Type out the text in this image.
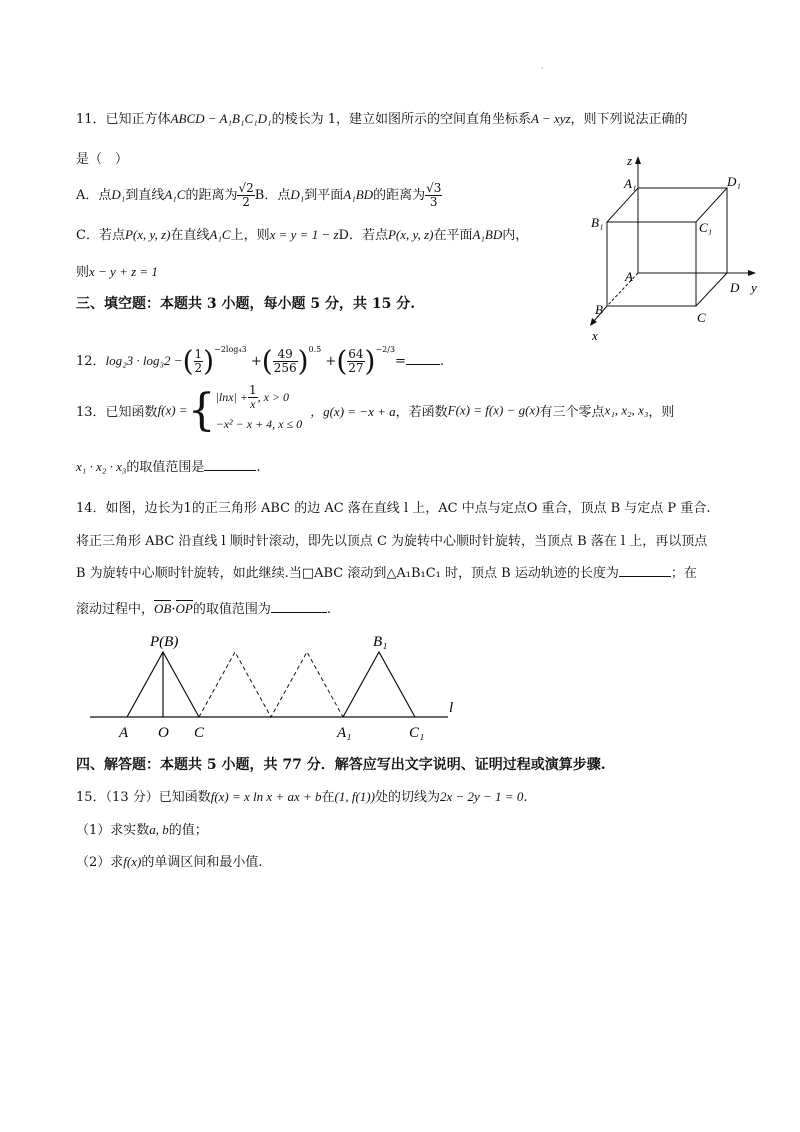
·
11．已知正方体ABCD − A₁B₁C₁D₁的棱长为 1，建立如图所示的空间直角坐标系A − xyz，则下列说法正确的
是（　）
A．点D₁到直线A₁C的距离为 $\frac{√2}{2}$ B．点D₁到平面A₁BD的距离为 $\frac{√3}{3}$
C．若点P(x, y, z)在直线A₁C上，则x = y = 1 − zD．若点P(x, y, z)在平面A₁BD内，
则x − y + z = 1
z
y
x
A₁	D₁
B₁	C₁
A
D
B
C
三、填空题：本题共 3 小题，每小题 5 分，共 15 分.
12．log₂3 · log₃2 −( $\frac{1}{2} )^{-2log_43}$ +( $\frac{49}{256} )^{0.5}$ +( $\frac{64}{27} )^{-2/3}=$	.
13．已知函数f(x) ={ $|\ln x| + \frac{1}{x}$ , x > 0
−x² − x + 4, x ≤ 0
，g(x) = −x + a，若函数F(x) = f(x) − g(x)有三个零点x₁, x₂, x₃，则
x₁ · x₂ · x₃的取值范围是	.
14．如图，边长为1的正三角形 ABC 的边 AC 落在直线 l 上，AC 中点与定点O 重合，顶点 B 与定点 P 重合.
将正三角形 ABC 沿直线 l 顺时针滚动，即先以顶点 C 为旋转中心顺时针旋转，当顶点 B 落在 l 上，再以顶点
B 为旋转中心顺时针旋转，如此继续.当□ABC 滚动到△A₁B₁C₁ 时，顶点 B 运动轨迹的长度为	；在
滚动过程中，OB·OP的取值范围为	.
P(B)	B₁
A O C	A₁	C₁
l
四、解答题：本题共 5 小题，共 77 分．解答应写出文字说明、证明过程或演算步骤.
15．（13 分）已知函数f(x) = x ln x + ax + b在(1, f(1))处的切线为2x − 2y − 1 = 0.
（1）求实数a, b的值；
（2）求f(x)的单调区间和最小值.
